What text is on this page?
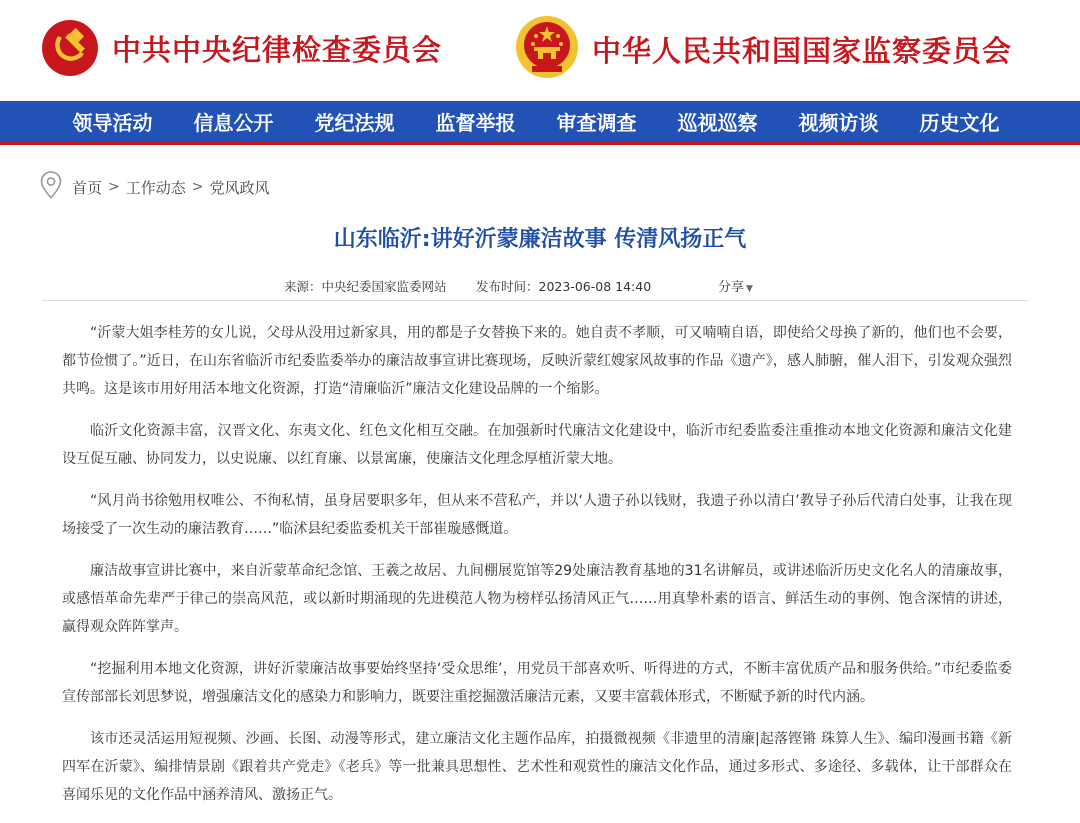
中共中央纪律检查委员会	中华人民共和国国家监察委员会
领导活动	信息公开	党纪法规	监督举报	审查调查	巡视巡察	视频访谈	历史文化
首页 > 工作动态 > 党风政风
山东临沂:讲好沂蒙廉洁故事 传清风扬正气
来源：中央纪委国家监委网站 发布时间：2023-06-08 14:40	分享 ▼

“沂蒙大姐李桂芳的女儿说，父母从没用过新家具，用的都是子女替换下来的。她自责不孝顺，可又喃喃自语，即使给父母换了新的，他们也不会要，都节俭惯了。”近日，在山东省临沂市纪委监委举办的廉洁故事宣讲比赛现场，反映沂蒙红嫂家风故事的作品《遗产》，感人肺腑，催人泪下，引发观众强烈共鸣。这是该市用好用活本地文化资源，打造“清廉临沂”廉洁文化建设品牌的一个缩影。

临沂文化资源丰富，汉晋文化、东夷文化、红色文化相互交融。在加强新时代廉洁文化建设中，临沂市纪委监委注重推动本地文化资源和廉洁文化建设互促互融、协同发力，以史说廉、以红育廉、以景寓廉，使廉洁文化理念厚植沂蒙大地。

“风月尚书徐勉用权唯公、不徇私情，虽身居要职多年，但从来不营私产，并以‘人遗子孙以钱财，我遗子孙以清白’教导子孙后代清白处事，让我在现场接受了一次生动的廉洁教育……”临沭县纪委监委机关干部崔璇感慨道。

廉洁故事宣讲比赛中，来自沂蒙革命纪念馆、王羲之故居、九间棚展览馆等29处廉洁教育基地的31名讲解员，或讲述临沂历史文化名人的清廉故事，或感悟革命先辈严于律己的崇高风范，或以新时期涌现的先进模范人物为榜样弘扬清风正气……用真挚朴素的语言、鲜活生动的事例、饱含深情的讲述，赢得观众阵阵掌声。

“挖掘利用本地文化资源，讲好沂蒙廉洁故事要始终坚持‘受众思维’，用党员干部喜欢听、听得进的方式，不断丰富优质产品和服务供给。”市纪委监委宣传部部长刘思梦说，增强廉洁文化的感染力和影响力，既要注重挖掘激活廉洁元素，又要丰富载体形式，不断赋予新的时代内涵。

该市还灵活运用短视频、沙画、长图、动漫等形式，建立廉洁文化主题作品库，拍摄微视频《非遗里的清廉|起落铿锵 珠算人生》、编印漫画书籍《新四军在沂蒙》、编排情景剧《跟着共产党走》《老兵》等一批兼具思想性、艺术性和观赏性的廉洁文化作品，通过多形式、多途径、多载体，让干部群众在喜闻乐见的文化作品中涵养清风、激扬正气。
